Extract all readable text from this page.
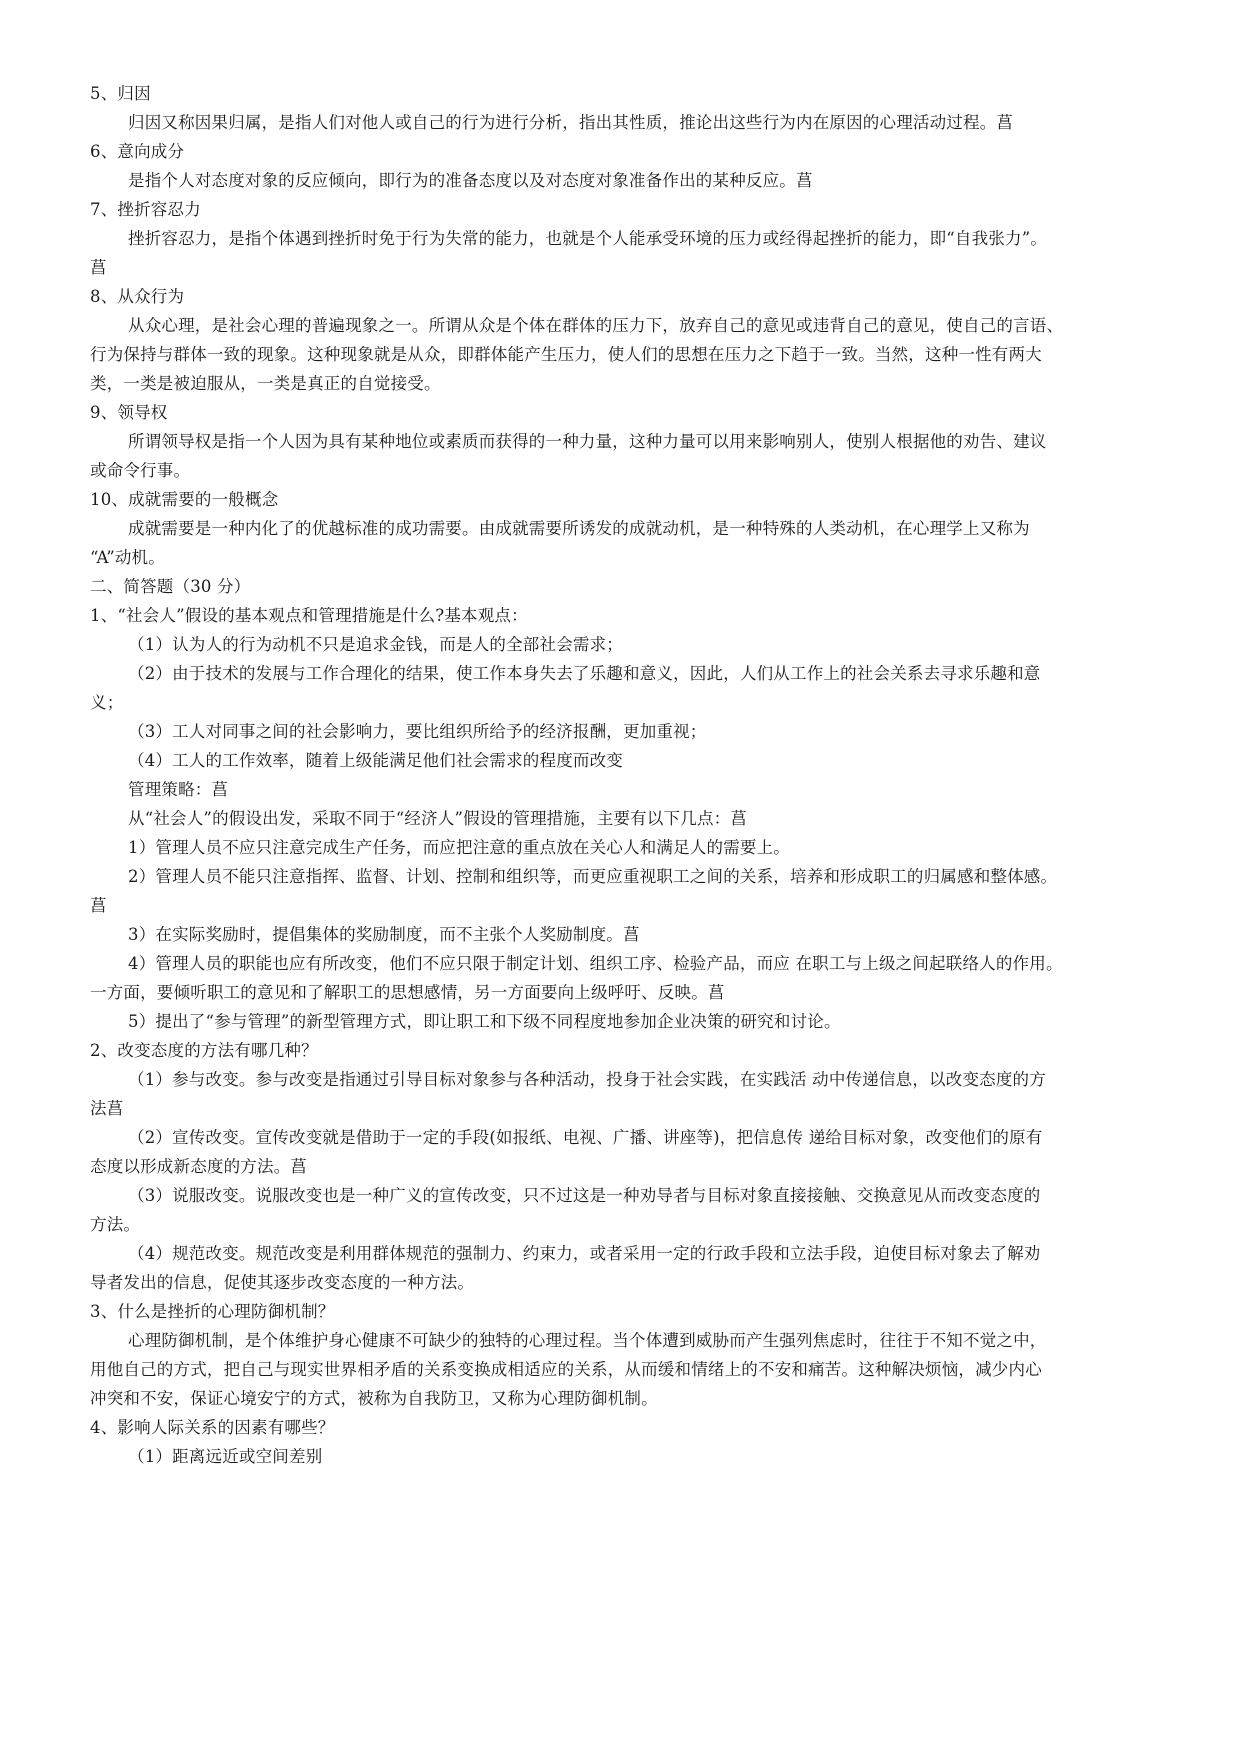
5、归因
归因又称因果归属，是指人们对他人或自己的行为进行分析，指出其性质，推论出这些行为内在原因的心理活动过程。菖
6、意向成分
是指个人对态度对象的反应倾向，即行为的准备态度以及对态度对象准备作出的某种反应。菖
7、挫折容忍力
挫折容忍力，是指个体遇到挫折时免于行为失常的能力，也就是个人能承受环境的压力或经得起挫折的能力，即“自我张力”。
菖
8、从众行为
从众心理，是社会心理的普遍现象之一。所谓从众是个体在群体的压力下，放弃自己的意见或违背自己的意见，使自己的言语、
行为保持与群体一致的现象。这种现象就是从众，即群体能产生压力，使人们的思想在压力之下趋于一致。当然，这种一性有两大
类，一类是被迫服从，一类是真正的自觉接受。
9、领导权
所谓领导权是指一个人因为具有某种地位或素质而获得的一种力量，这种力量可以用来影响别人，使别人根据他的劝告、建议
或命令行事。
10、成就需要的一般概念
成就需要是一种内化了的优越标准的成功需要。由成就需要所诱发的成就动机，是一种特殊的人类动机，在心理学上又称为
“A”动机。
二、简答题（30 分）
1、“社会人”假设的基本观点和管理措施是什么?基本观点：
（1）认为人的行为动机不只是追求金钱，而是人的全部社会需求；
（2）由于技术的发展与工作合理化的结果，使工作本身失去了乐趣和意义，因此，人们从工作上的社会关系去寻求乐趣和意
义；
（3）工人对同事之间的社会影响力，要比组织所给予的经济报酬，更加重视；
（4）工人的工作效率，随着上级能满足他们社会需求的程度而改变
管理策略：菖
从“社会人”的假设出发，采取不同于“经济人”假设的管理措施，主要有以下几点：菖
1）管理人员不应只注意完成生产任务，而应把注意的重点放在关心人和满足人的需要上。
2）管理人员不能只注意指挥、监督、计划、控制和组织等，而更应重视职工之间的关系，培养和形成职工的归属感和整体感。
菖
3）在实际奖励时，提倡集体的奖励制度，而不主张个人奖励制度。菖
4）管理人员的职能也应有所改变，他们不应只限于制定计划、组织工序、检验产品，而应 在职工与上级之间起联络人的作用。
一方面，要倾听职工的意见和了解职工的思想感情，另一方面要向上级呼吁、反映。菖
5）提出了“参与管理”的新型管理方式，即让职工和下级不同程度地参加企业决策的研究和讨论。
2、改变态度的方法有哪几种？
（1）参与改变。参与改变是指通过引导目标对象参与各种活动，投身于社会实践，在实践活 动中传递信息，以改变态度的方
法菖
（2）宣传改变。宣传改变就是借助于一定的手段(如报纸、电视、广播、讲座等)，把信息传 递给目标对象，改变他们的原有
态度以形成新态度的方法。菖
（3）说服改变。说服改变也是一种广义的宣传改变，只不过这是一种劝导者与目标对象直接接触、交换意见从而改变态度的
方法。
（4）规范改变。规范改变是利用群体规范的强制力、约束力，或者采用一定的行政手段和立法手段，迫使目标对象去了解劝
导者发出的信息，促使其逐步改变态度的一种方法。
3、什么是挫折的心理防御机制？
心理防御机制，是个体维护身心健康不可缺少的独特的心理过程。当个体遭到威胁而产生强列焦虑时，往往于不知不觉之中，
用他自己的方式，把自己与现实世界相矛盾的关系变换成相适应的关系，从而缓和情绪上的不安和痛苦。这种解决烦恼，减少内心
冲突和不安，保证心境安宁的方式，被称为自我防卫，又称为心理防御机制。
4、影响人际关系的因素有哪些？
（1）距离远近或空间差别
